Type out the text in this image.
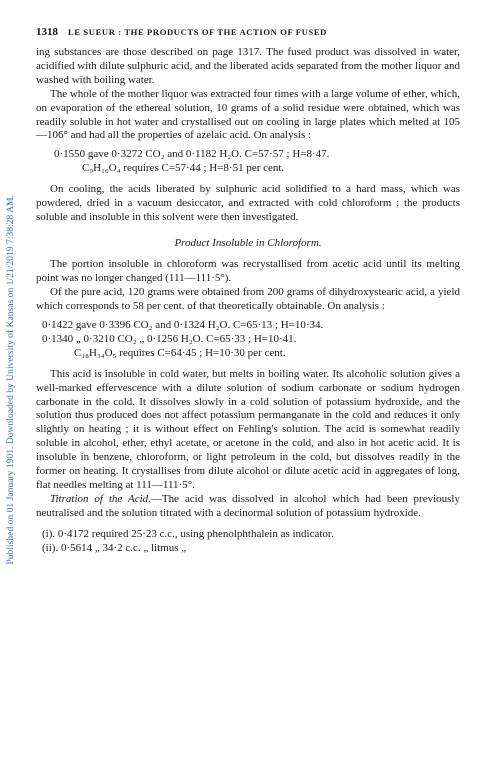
Published on 01 January 1901. Downloaded by University of Kansas on 1/21/2019 7:38:28 AM.
1318 LE SUEUR : THE PRODUCTS OF THE ACTION OF FUSED

ing substances are those described on page 1317. The fused product was dissolved in water, acidified with dilute sulphuric acid, and the liberated acids separated from the mother liquor and washed with boiling water.

The whole of the mother liquor was extracted four times with a large volume of ether, which, on evaporation of the ethereal solution, 10 grams of a solid residue were obtained, which was readily soluble in hot water and crystallised out on cooling in large plates which melted at 105—106° and had all the properties of azelaic acid. On analysis :

0·1550 gave 0·3272 CO₂ and 0·1182 H₂O. C=57·57 ; H=8·47.
C₉H₁₆O₄ requires C=57·44 ; H=8·51 per cent.

On cooling, the acids liberated by sulphuric acid solidified to a hard mass, which was powdered, dried in a vacuum desiccator, and extracted with cold chloroform ; the products soluble and insoluble in this solvent were then investigated.

Product Insoluble in Chloroform.

The portion insoluble in chloroform was recrystallised from acetic acid until its melting point was no longer changed (111—111·5°).

Of the pure acid, 120 grams were obtained from 200 grams of dihydroxystearic acid, a yield which corresponds to 58 per cent. of that theoretically obtainable. On analysis :

0·1422 gave 0·3396 CO₂ and 0·1324 H₂O. C=65·13 ; H=10·34.
0·1340 „ 0·3210 CO₂ „ 0·1256 H₂O. C=65·33 ; H=10·41.
C₁₈H₃₄O₅ requires C=64·45 ; H=10·30 per cent.

This acid is insoluble in cold water, but melts in boiling water. Its alcoholic solution gives a well-marked effervescence with a dilute solution of sodium carbonate or sodium hydrogen carbonate in the cold. It dissolves slowly in a cold solution of potassium hydroxide, and the solution thus produced does not affect potassium permanganate in the cold and reduces it only slightly on heating ; it is without effect on Fehling's solution. The acid is somewhat readily soluble in alcohol, ether, ethyl acetate, or acetone in the cold, and also in hot acetic acid. It is insoluble in benzene, chloroform, or light petroleum in the cold, but dissolves readily in the former on heating. It crystallises from dilute alcohol or dilute acetic acid in aggregates of long, flat needles melting at 111—111·5°.

Titration of the Acid.—The acid was dissolved in alcohol which had been previously neutralised and the solution titrated with a decinormal solution of potassium hydroxide.

(i). 0·4172 required 25·23 c.c., using phenolphthalein as indicator.
(ii). 0·5614 „ 34·2 c.c. „ litmus „
